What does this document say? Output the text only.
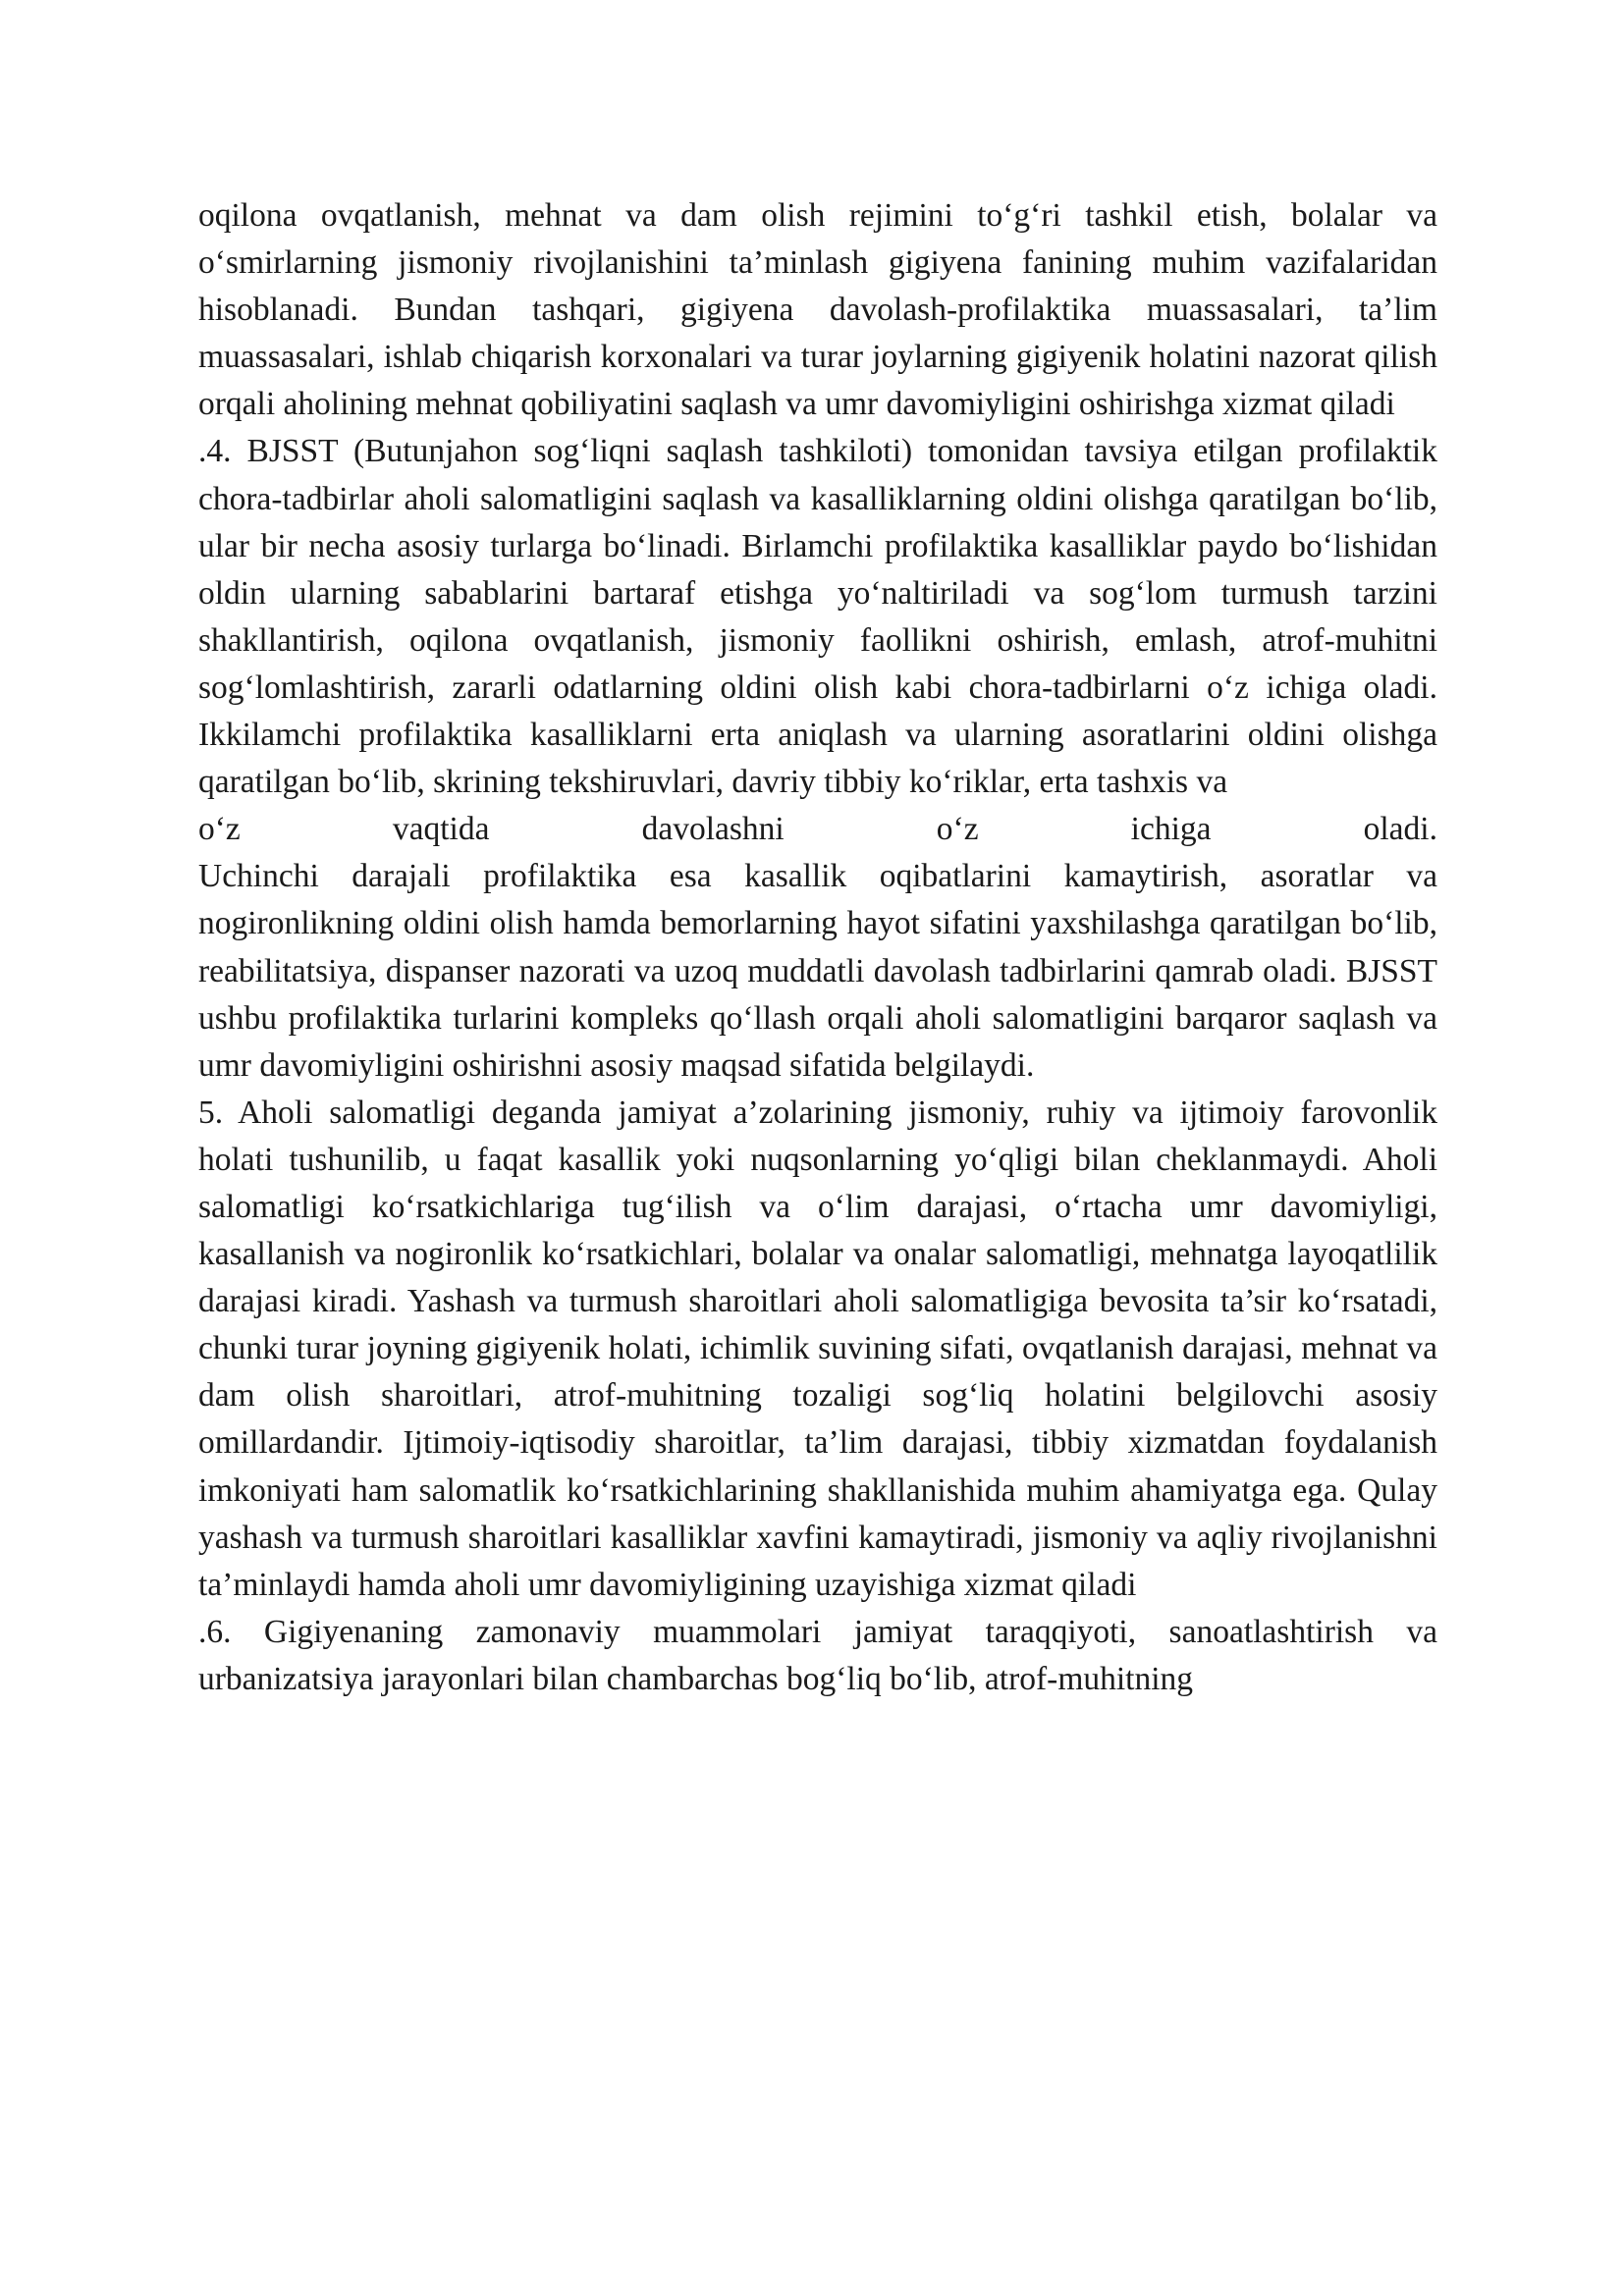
oqilona ovqatlanish, mehnat va dam olish rejimini to‘g‘ri tashkil etish, bolalar va o‘smirlarning jismoniy rivojlanishini ta’minlash gigiyena fanining muhim vazifalaridan hisoblanadi. Bundan tashqari, gigiyena davolash-profilaktika muassasalari, ta’lim muassasalari, ishlab chiqarish korxonalari va turar joylarning gigiyenik holatini nazorat qilish orqali aholining mehnat qobiliyatini saqlash va umr davomiyligini oshirishga xizmat qiladi

.4. BJSST (Butunjahon sog‘liqni saqlash tashkiloti) tomonidan tavsiya etilgan profilaktik chora-tadbirlar aholi salomatligini saqlash va kasalliklarning oldini olishga qaratilgan bo‘lib, ular bir necha asosiy turlarga bo‘linadi. Birlamchi profilaktika kasalliklar paydo bo‘lishidan oldin ularning sabablarini bartaraf etishga yo‘naltiriladi va sog‘lom turmush tarzini shakllantirish, oqilona ovqatlanish, jismoniy faollikni oshirish, emlash, atrof-muhitni sog‘lomlashtirish, zararli odatlarning oldini olish kabi chora-tadbirlarni o‘z ichiga oladi. Ikkilamchi profilaktika kasalliklarni erta aniqlash va ularning asoratlarini oldini olishga qaratilgan bo‘lib, skrining tekshiruvlari, davriy tibbiy ko‘riklar, erta tashxis va

o‘z vaqtida davolashni o‘z ichiga oladi.

Uchinchi darajali profilaktika esa kasallik oqibatlarini kamaytirish, asoratlar va nogironlikning oldini olish hamda bemorlarning hayot sifatini yaxshilashga qaratilgan bo‘lib, reabilitatsiya, dispanser nazorati va uzoq muddatli davolash tadbirlarini qamrab oladi. BJSST ushbu profilaktika turlarini kompleks qo‘llash orqali aholi salomatligini barqaror saqlash va umr davomiyligini oshirishni asosiy maqsad sifatida belgilaydi.

5. Aholi salomatligi deganda jamiyat a’zolarining jismoniy, ruhiy va ijtimoiy farovonlik holati tushunilib, u faqat kasallik yoki nuqsonlarning yo‘qligi bilan cheklanmaydi. Aholi salomatligi ko‘rsatkichlariga tug‘ilish va o‘lim darajasi, o‘rtacha umr davomiyligi, kasallanish va nogironlik ko‘rsatkichlari, bolalar va onalar salomatligi, mehnatga layoqatlilik darajasi kiradi. Yashash va turmush sharoitlari aholi salomatligiga bevosita ta’sir ko‘rsatadi, chunki turar joyning gigiyenik holati, ichimlik suvining sifati, ovqatlanish darajasi, mehnat va dam olish sharoitlari, atrof-muhitning tozaligi sog‘liq holatini belgilovchi asosiy omillardandir. Ijtimoiy-iqtisodiy sharoitlar, ta’lim darajasi, tibbiy xizmatdan foydalanish imkoniyati ham salomatlik ko‘rsatkichlarining shakllanishida muhim ahamiyatga ega. Qulay yashash va turmush sharoitlari kasalliklar xavfini kamaytiradi, jismoniy va aqliy rivojlanishni ta’minlaydi hamda aholi umr davomiyligining uzayishiga xizmat qiladi

.6. Gigiyenaning zamonaviy muammolari jamiyat taraqqiyoti, sanoatlashtirish va urbanizatsiya jarayonlari bilan chambarchas bog‘liq bo‘lib, atrof-muhitning
